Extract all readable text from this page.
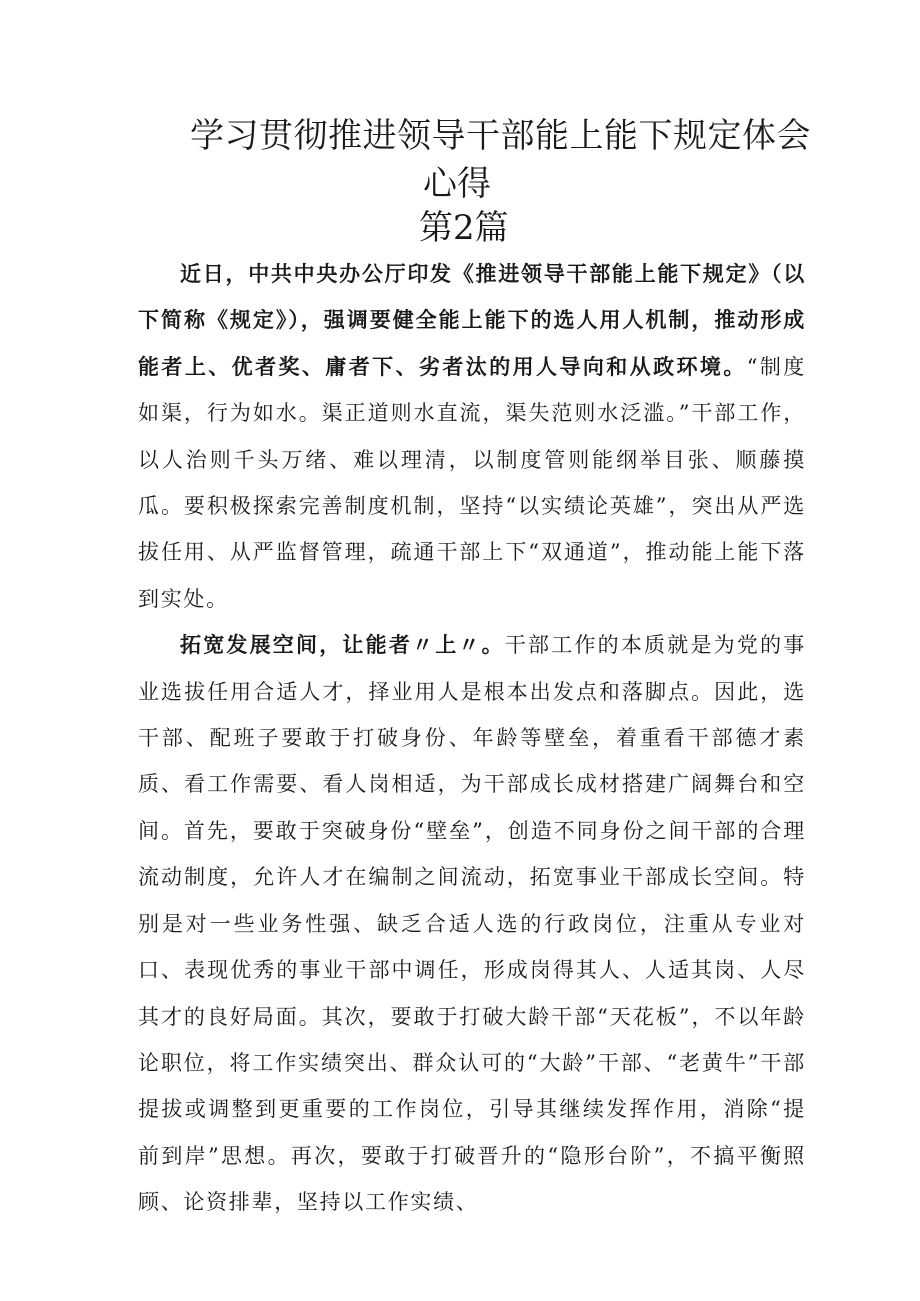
学习贯彻推进领导干部能上能下规定体会
心得
第2篇

近日，中共中央办公厅印发《推进领导干部能上能下规定》（以下简称《规定》），强调要健全能上能下的选人用人机制，推动形成能者上、优者奖、庸者下、劣者汰的用人导向和从政环境。“制度如渠，行为如水。渠正道则水直流，渠失范则水泛滥。”干部工作，以人治则千头万绪、难以理清，以制度管则能纲举目张、顺藤摸瓜。要积极探索完善制度机制，坚持“以实绩论英雄”，突出从严选拔任用、从严监督管理，疏通干部上下“双通道”，推动能上能下落到实处。

拓宽发展空间，让能者〃上〃。干部工作的本质就是为党的事业选拔任用合适人才，择业用人是根本出发点和落脚点。因此，选干部、配班子要敢于打破身份、年龄等壁垒，着重看干部德才素质、看工作需要、看人岗相适，为干部成长成材搭建广阔舞台和空间。首先，要敢于突破身份“壁垒”，创造不同身份之间干部的合理流动制度，允许人才在编制之间流动，拓宽事业干部成长空间。特别是对一些业务性强、缺乏合适人选的行政岗位，注重从专业对口、表现优秀的事业干部中调任，形成岗得其人、人适其岗、人尽其才的良好局面。其次，要敢于打破大龄干部“天花板”，不以年龄论职位，将工作实绩突出、群众认可的“大龄”干部、“老黄牛”干部提拔或调整到更重要的工作岗位，引导其继续发挥作用，消除“提前到岸”思想。再次，要敢于打破晋升的“隐形台阶”，不搞平衡照顾、论资排辈，坚持以工作实绩、
